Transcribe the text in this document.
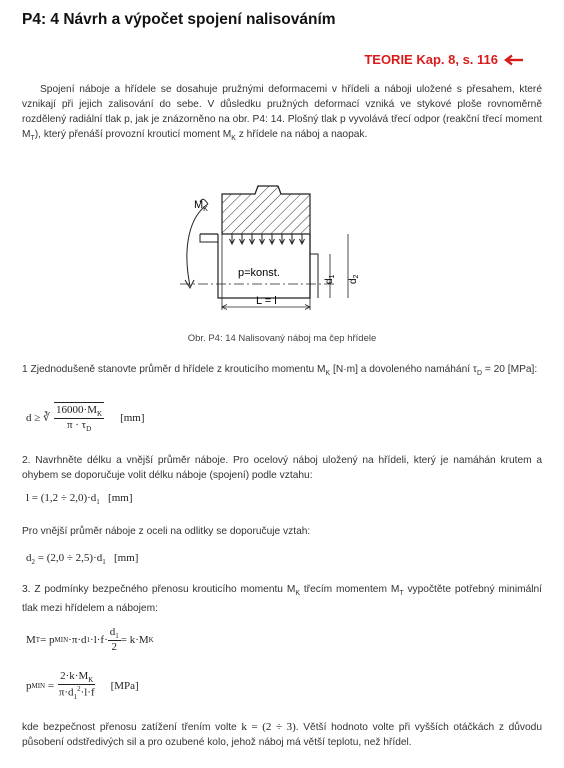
P4: 4 Návrh a výpočet spojení nalisováním
TEORIE Kap. 8, s. 116
Spojení náboje a hřídele se dosahuje pružnými deformacemi v hřídeli a náboji uložené s přesahem, které vznikají při jejich zalisování do sebe. V důsledku pružných deformací vzniká ve stykové ploše rovnoměrně rozdělený radiální tlak p, jak je znázorněno na obr. P4: 14. Plošný tlak p vyvolává třecí odpor (reakční třecí moment $M_T$), který přenáší provozní krouticí moment $M_K$ z hřídele na náboj a naopak.
$M_K$
p=konst.
L = l
$d_1$
$d_2$
Obr. P4: 14 Nalisovaný náboj ma čep hřídele
1 Zjednodušeně stanovte průměr d hřídele z krouticího momentu $M_K$ [N·m] a dovoleného namáhání $\tau_D = 20$ [MPa]:
d ≥ ∛ $\frac{16000\cdot M_K}{\pi \cdot \tau_D} [mm]$
2. Navrhněte délku a vnější průměr náboje. Pro ocelový náboj uložený na hřídeli, který je namáhán krutem a ohybem se doporučuje volit délku náboje (spojení) podle vztahu:
$l = (1,2 \div 2,0)\cdot d_1$ [mm]
Pro vnější průměr náboje z oceli na odlitky se doporučuje vztah:
$d_2 = (2,0 \div 2,5)\cdot d_1$ [mm]
3. Z podmínky bezpečného přenosu krouticího momentu $M_K$ třecím momentem $M_T$ vypočtěte potřebný minimální tlak mezi hřídelem a nábojem:
M T = p MIN ·π·d $1 \cdot l\cdot f\cdot \frac{d_1}{2} = k\cdot M$ K
p MIN = $\frac{2\cdot k\cdot M_K}{\pi\cdot d_1^2\cdot l\cdot f} [MPa]$
kde bezpečnost přenosu zatížení třením volte k = (2 ÷ 3). Větší hodnoto volte při vyšších otáčkách z důvodu působení odstředivých sil a pro ozubené kolo, jehož náboj má větší teplotu, než hřídel.
